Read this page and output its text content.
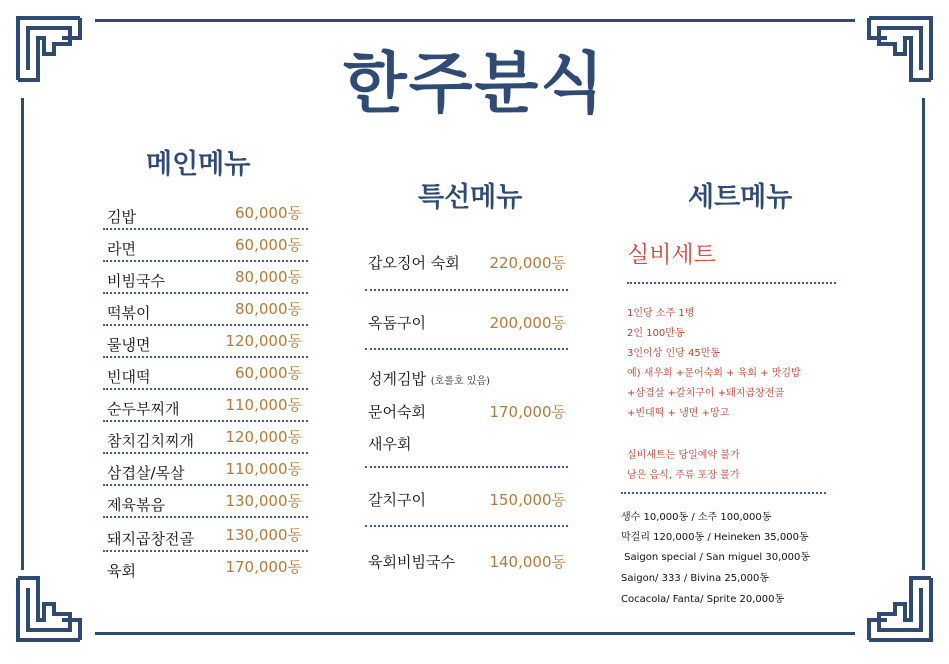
한주분식
메인메뉴
특선메뉴	세트메뉴
김밥	60,000동
라면	60,000동
비빔국수	80,000동
떡볶이	80,000동
물냉면	120,000동
빈대떡	60,000동
순두부찌개	110,000동
참치김치찌개 120,000동
삼겹살/목살	110,000동
제육볶음	130,000동
돼지곱창전골 130,000동
육회	170,000동
갑오징어 숙회 220,000동
옥돔구이	200,000동
성게김밥 (호롤호 있음)
문어숙회	170,000동
새우회
갈치구이	150,000동
육회비빔국수 140,000동
실비세트
1인당 소주 1병
2인 100만동
3인이상 인당 45만동
예) 새우회 +문어숙회 + 육회 + 맛김밥
+삼겹살 +갈치구이 +돼지곱창전골
+빈대떡 + 냉면 +망고
실비세트는 당일예약 불가
남은 음식, 주류 포장 불가
생수 10,000동 / 소주 100,000동
막걸리 120,000동 / Heineken 35,000동
Saigon special / San miguel 30,000동
Saigon/ 333 / Bivina 25,000동
Cocacola/ Fanta/ Sprite 20,000동
